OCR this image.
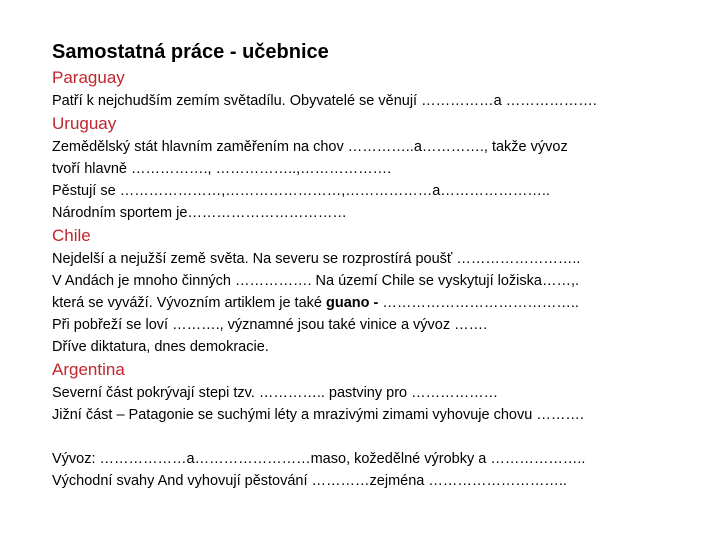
Samostatná práce - učebnice
Paraguay
Patří k nejchudším zemím světadílu. Obyvatelé se věnují ……………a ……………….
Uruguay
Zemědělský stát hlavním zaměřením na chov …………..a…………., takže vývoz
tvoří hlavně ……………., ……………..,……………….
Pěstují se …………………,……………………,………………a…………………..
Národním sportem je……………………………
Chile
Nejdelší a nejužší země světa. Na severu se rozprostírá poušť ……………………..
V Andách je mnoho činných ……………. Na území Chile se vyskytují ložiska……,.
která se vyváží. Vývozním artiklem je také guano - …………………………………..
Při pobřeží se loví ………., významné jsou také vinice a vývoz …….
Dříve diktatura, dnes demokracie.
Argentina
Severní část pokrývají stepi tzv. ………….. pastviny pro ………………
Jižní část – Patagonie se suchými léty a mrazivými zimami vyhovuje chovu ……….
Vývoz: ………………a……………………maso, kožedělné výrobky a ………………..
Východní svahy And vyhovují pěstování …………zejména ………………………..
